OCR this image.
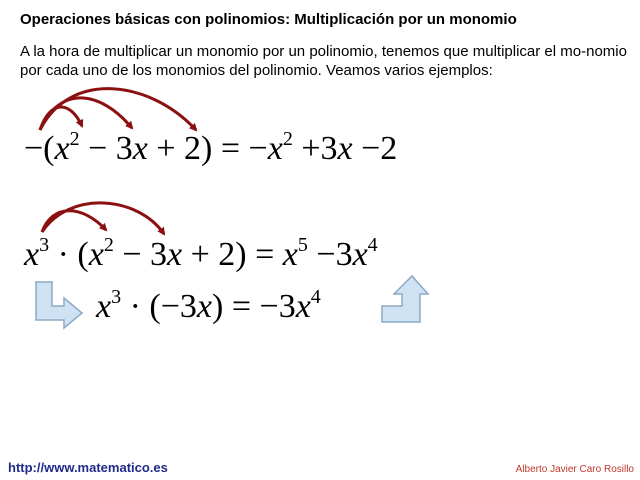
Operaciones básicas con polinomios: Multiplicación por un monomio
A la hora de multiplicar un monomio por un polinomio, tenemos que multiplicar el mo-nomio por cada uno de los monomios del polinomio. Veamos varios ejemplos:
$-(x^2 - 3x + 2) = -x^2 +3x -2$
$x^3 \cdot (x^2 - 3x + 2) = x^5 -3x^4$
$x^3 \cdot (-3x) = -3x^4$
http://www.matematico.es	Alberto Javier Caro Rosillo
